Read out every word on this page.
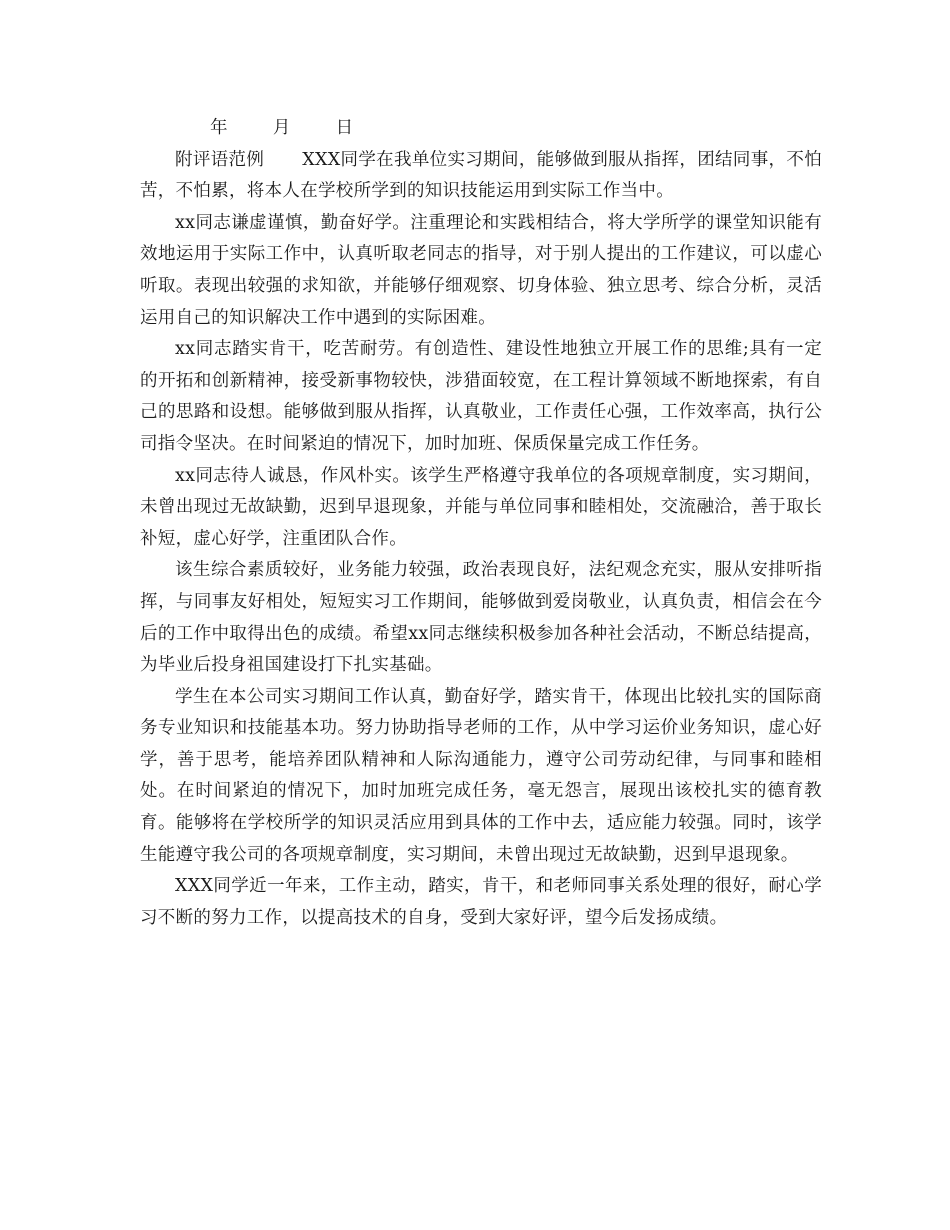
年	月	日

附评语范例 XXX同学在我单位实习期间，能够做到服从指挥，团结同事，不怕苦，不怕累，将本人在学校所学到的知识技能运用到实际工作当中。

xx同志谦虚谨慎，勤奋好学。注重理论和实践相结合，将大学所学的课堂知识能有效地运用于实际工作中，认真听取老同志的指导，对于别人提出的工作建议，可以虚心听取。表现出较强的求知欲，并能够仔细观察、切身体验、独立思考、综合分析，灵活运用自己的知识解决工作中遇到的实际困难。

xx同志踏实肯干，吃苦耐劳。有创造性、建设性地独立开展工作的思维;具有一定的开拓和创新精神，接受新事物较快，涉猎面较宽，在工程计算领域不断地探索，有自己的思路和设想。能够做到服从指挥，认真敬业，工作责任心强，工作效率高，执行公司指令坚决。在时间紧迫的情况下，加时加班、保质保量完成工作任务。

xx同志待人诚恳，作风朴实。该学生严格遵守我单位的各项规章制度，实习期间，未曾出现过无故缺勤，迟到早退现象，并能与单位同事和睦相处，交流融洽，善于取长补短，虚心好学，注重团队合作。

该生综合素质较好，业务能力较强，政治表现良好，法纪观念充实，服从安排听指挥，与同事友好相处，短短实习工作期间，能够做到爱岗敬业，认真负责，相信会在今后的工作中取得出色的成绩。希望xx同志继续积极参加各种社会活动，不断总结提高，为毕业后投身祖国建设打下扎实基础。

学生在本公司实习期间工作认真，勤奋好学，踏实肯干，体现出比较扎实的国际商务专业知识和技能基本功。努力协助指导老师的工作，从中学习运价业务知识，虚心好学，善于思考，能培养团队精神和人际沟通能力，遵守公司劳动纪律，与同事和睦相处。在时间紧迫的情况下，加时加班完成任务，毫无怨言，展现出该校扎实的德育教育。能够将在学校所学的知识灵活应用到具体的工作中去，适应能力较强。同时，该学生能遵守我公司的各项规章制度，实习期间，未曾出现过无故缺勤，迟到早退现象。

XXX同学近一年来，工作主动，踏实，肯干，和老师同事关系处理的很好，耐心学习不断的努力工作，以提高技术的自身，受到大家好评，望今后发扬成绩。
